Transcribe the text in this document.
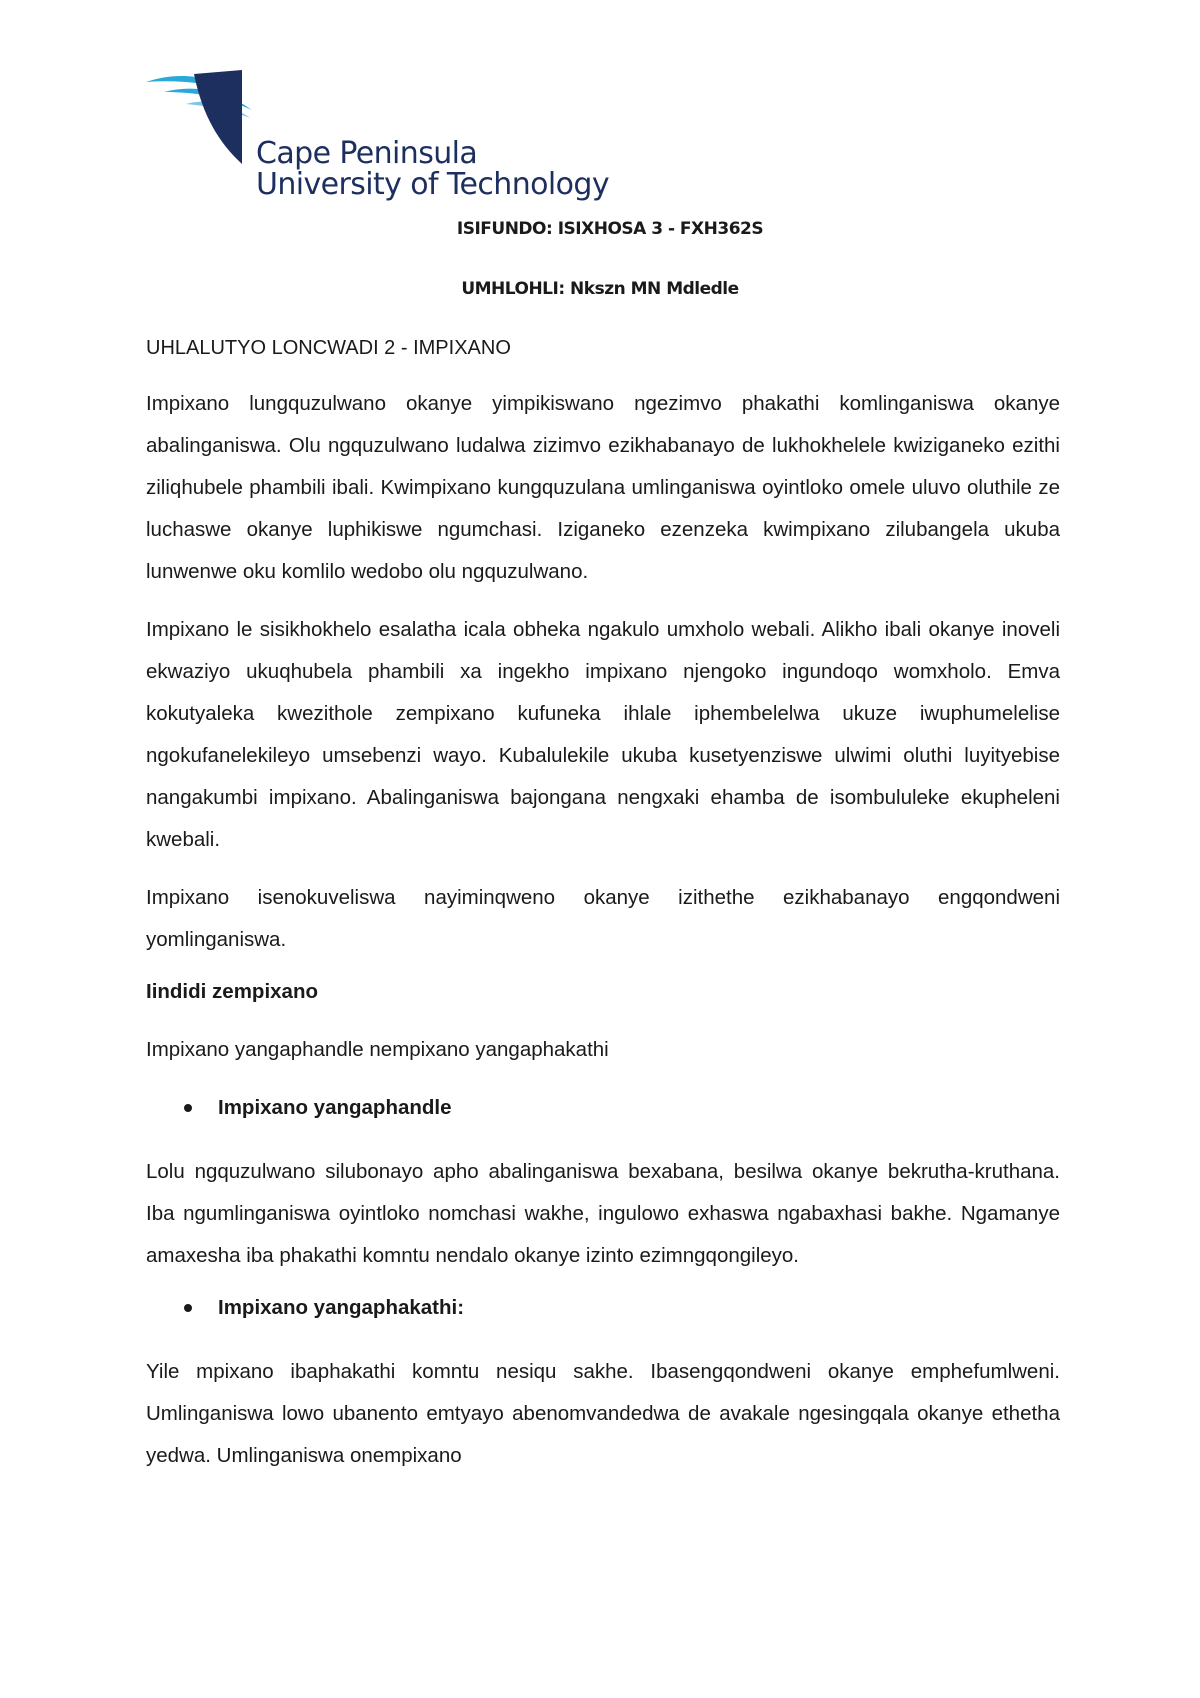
Cape Peninsula
University of Technology
ISIFUNDO: ISIXHOSA 3 - FXH362S
UMHLOHLI: Nkszn MN Mdledle
UHLALUTYO LONCWADI 2 - IMPIXANO

Impixano lungquzulwano okanye yimpikiswano ngezimvo phakathi komlinganiswa okanye abalinganiswa. Olu ngquzulwano ludalwa zizimvo ezikhabanayo de lukhokhelele kwiziganeko ezithi ziliqhubele phambili ibali. Kwimpixano kungquzulana umlinganiswa oyintloko omele uluvo oluthile ze luchaswe okanye luphikiswe ngumchasi. Iziganeko ezenzeka kwimpixano zilubangela ukuba lunwenwe oku komlilo wedobo olu ngquzulwano.

Impixano le sisikhokhelo esalatha icala obheka ngakulo umxholo webali. Alikho ibali okanye inoveli ekwaziyo ukuqhubela phambili xa ingekho impixano njengoko ingundoqo womxholo. Emva kokutyaleka kwezithole zempixano kufuneka ihlale iphembelelwa ukuze iwuphumelelise ngokufanelekileyo umsebenzi wayo. Kubalulekile ukuba kusetyenziswe ulwimi oluthi luyityebise nangakumbi impixano. Abalinganiswa bajongana nengxaki ehamba de isombululeke ekupheleni kwebali.

Impixano isenokuveliswa nayiminqweno okanye izithethe ezikhabanayo engqondweni yomlinganiswa.

Iindidi zempixano
Impixano yangaphandle nempixano yangaphakathi
Impixano yangaphandle

Lolu ngquzulwano silubonayo apho abalinganiswa bexabana, besilwa okanye bekrutha-kruthana. Iba ngumlinganiswa oyintloko nomchasi wakhe, ingulowo exhaswa ngabaxhasi bakhe. Ngamanye amaxesha iba phakathi komntu nendalo okanye izinto ezimngqongileyo.

Impixano yangaphakathi:

Yile mpixano ibaphakathi komntu nesiqu sakhe. Ibasengqondweni okanye emphefumlweni. Umlinganiswa lowo ubanento emtyayo abenomvandedwa de avakale ngesingqala okanye ethetha yedwa. Umlinganiswa onempixano
